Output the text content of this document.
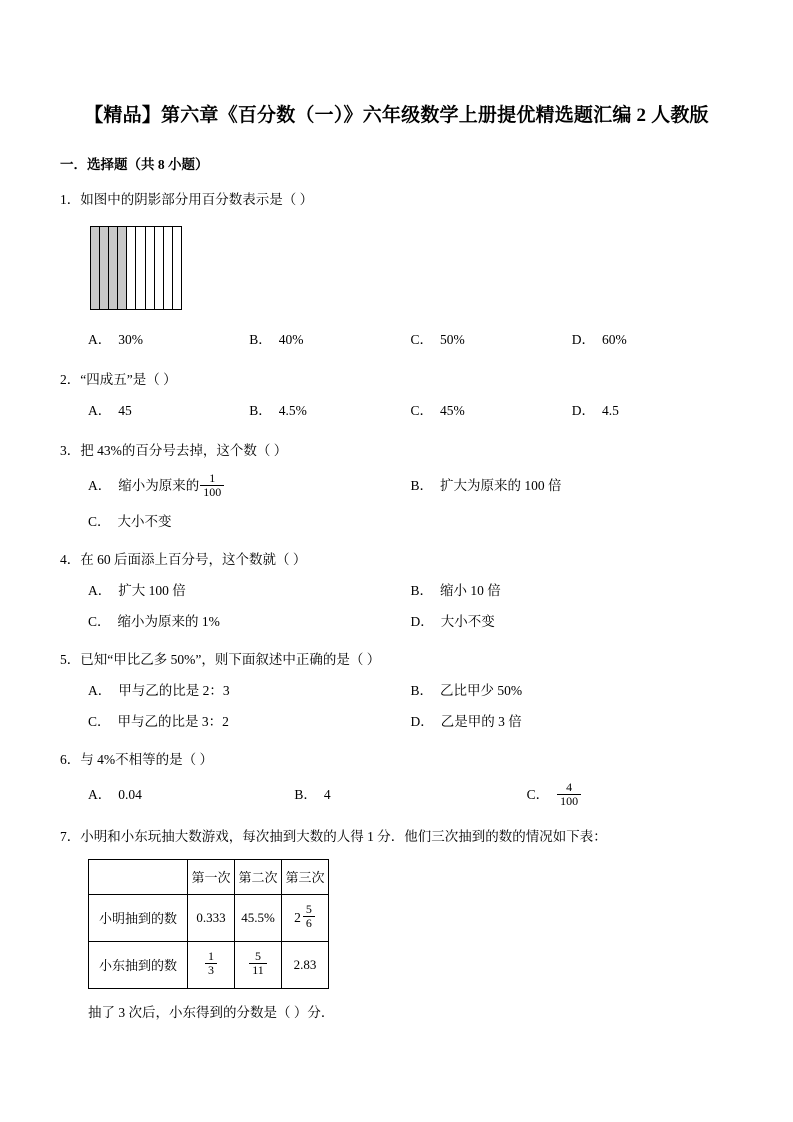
【精品】第六章《百分数（一）》六年级数学上册提优精选题汇编 2 人教版
一．选择题（共 8 小题）

1．如图中的阴影部分用百分数表示是（ ）

A． 30%	B． 40%	C． 50%	D． 60%

2．“四成五”是（ ）

A． 45	B． 4.5%	C． 45%	D． 4.5

3．把 43%的百分号去掉，这个数（ ）

A． 缩小为原来的 $\frac{1}{100}$	B． 扩大为原来的 100 倍
C． 大小不变

4．在 60 后面添上百分号，这个数就（ ）

A． 扩大 100 倍	B． 缩小 10 倍
C． 缩小为原来的 1%	D． 大小不变

5．已知“甲比乙多 50%”，则下面叙述中正确的是（ ）

A． 甲与乙的比是 2：3	B． 乙比甲少 50%
C． 甲与乙的比是 3：2	D． 乙是甲的 3 倍

6．与 4%不相等的是（ ）

A． 0.04	B． 4	C． $\frac{4}{100}$

7．小明和小东玩抽大数游戏，每次抽到大数的人得 1 分．他们三次抽到的数的情况如下表：

	第一次	第二次	第三次
小明抽到的数	0.333	45.5%	$2 \frac{5}{6}$

小东抽到的数	$\frac{1}{3}$	$\frac{5}{11}$	2.83
抽了 3 次后，小东得到的分数是（ ）分．
